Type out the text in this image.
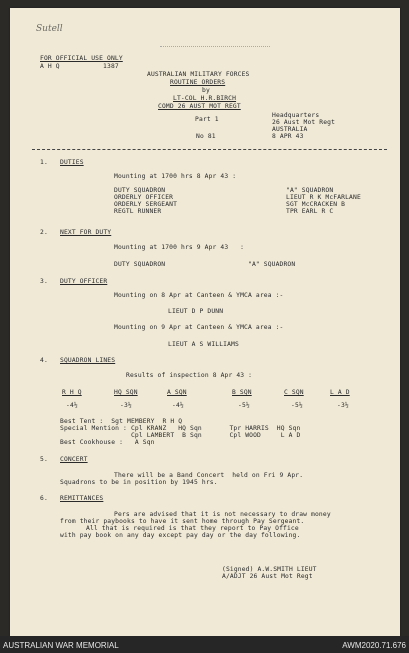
Sutell
FOR OFFICIAL USE ONLY
A H Q           1387
AUSTRALIAN MILITARY FORCES
ROUTINE ORDERS
by
LT-COL H.R.BIRCH
COMD 26 AUST MOT REGT
Part 1
No 81
Headquarters
26 Aust Mot Regt
AUSTRALIA
8 APR 43
1. DUTIES
Mounting at 1700 hrs 8 Apr 43 :
DUTY SQUADRON	"A" SQUADRON
ORDERLY OFFICER	LIEUT R K McFARLANE
ORDERLY SERGEANT	SGT McCRACKEN B
REGTL RUNNER	TPR EARL R C
2. NEXT FOR DUTY
Mounting at 1700 hrs 9 Apr 43   :
DUTY SQUADRON	"A" SQUADRON
3. DUTY OFFICER
Mounting on 8 Apr at Canteen & YMCA area :-
LIEUT D P DUNN
Mounting on 9 Apr at Canteen & YMCA area :-
LIEUT A S WILLIAMS
4. SQUADRON LINES
Results of inspection 8 Apr 43 :
R H Q	HQ SQN	A SQN	B SQN	C SQN	L A D
-4½	-3½	-4½	-5½	-5½	-3½
Best Tent :  Sgt MEMBERY  R H Q
Special Mention : Cpl KRANZ   HQ Sqn       Tpr HARRIS  HQ Sqn
Cpl LAMBERT  B Sqn       Cpl WOOD     L A D
Best Cookhouse :   A Sqn
5. CONCERT
There will be a Band Concert  held on Fri 9 Apr.
Squadrons to be in position by 1945 hrs.
6. REMITTANCES
Pers are advised that it is not necessary to draw money
from their paybooks to have it sent home through Pay Sergeant.
All that is required is that they report to Pay Office
with pay book on any day except pay day or the day following.
(Signed) A.W.SMITH LIEUT
A/ADJT 26 Aust Mot Regt
AUSTRALIAN WAR MEMORIAL	AWM2020.71.676
